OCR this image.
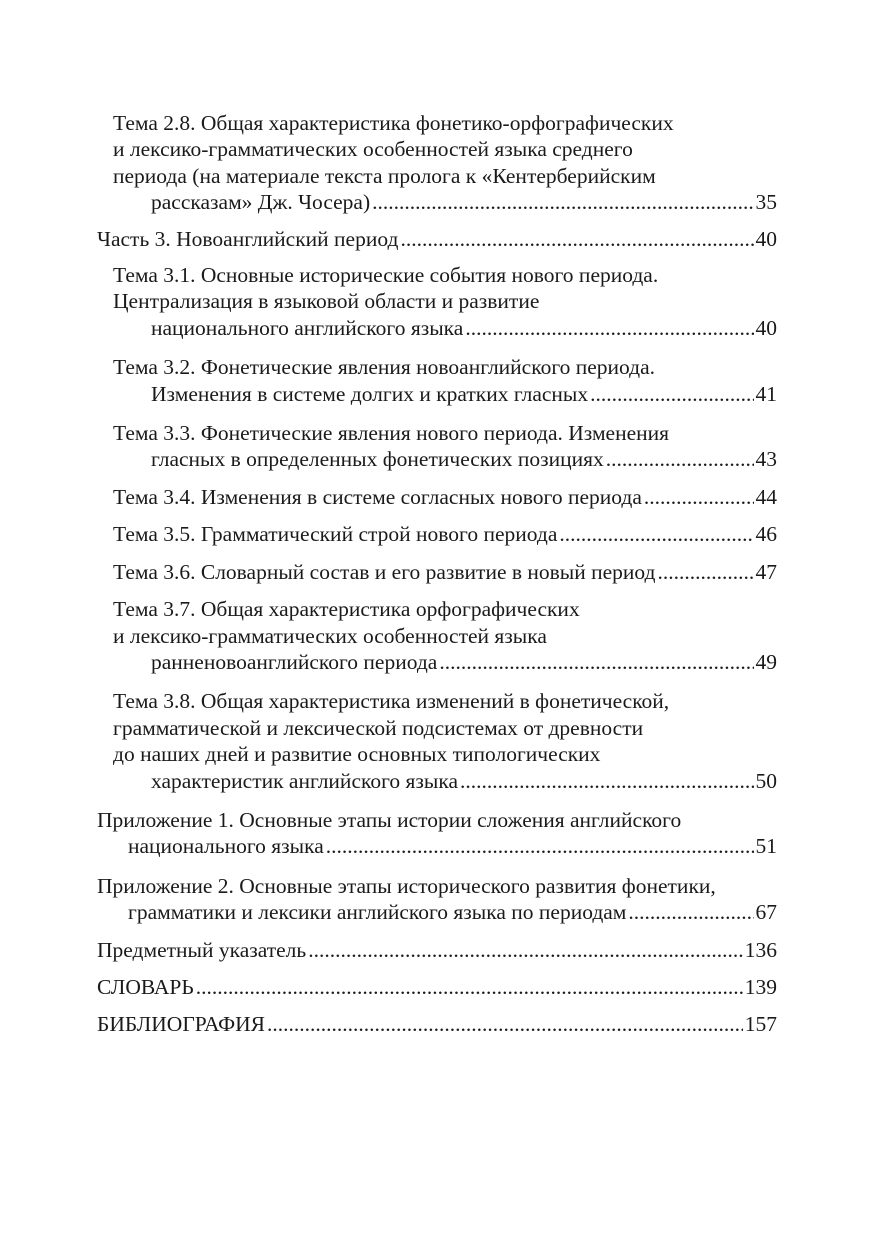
Тема 2.8. Общая характеристика фонетико-орфографических
и лексико-грамматических особенностей языка среднего
периода (на материале текста пролога к «Кентерберийским
рассказам» Дж. Чосера) .....	35
Часть 3. Новоанглийский период .....	40
Тема 3.1. Основные исторические события нового периода.
Централизация в языковой области и развитие
национального английского языка .....	40
Тема 3.2. Фонетические явления новоанглийского периода.
Изменения в системе долгих и кратких гласных .....	41
Тема 3.3. Фонетические явления нового периода. Изменения
гласных в определенных фонетических позициях .....	43
Тема 3.4. Изменения в системе согласных нового периода .....	44
Тема 3.5. Грамматический строй нового периода .....	46
Тема 3.6. Словарный состав и его развитие в новый период .....	47
Тема 3.7. Общая характеристика орфографических
и лексико-грамматических особенностей языка
ранненовоанглийского периода .....	49
Тема 3.8. Общая характеристика изменений в фонетической,
грамматической и лексической подсистемах от древности
до наших дней и развитие основных типологических
характеристик английского языка .....	50
Приложение 1. Основные этапы истории сложения английского
национального языка .....	51
Приложение 2. Основные этапы исторического развития фонетики,
грамматики и лексики английского языка по периодам .....	67
Предметный указатель .....	136
СЛОВАРЬ .....	139
БИБЛИОГРАФИЯ .....	157
